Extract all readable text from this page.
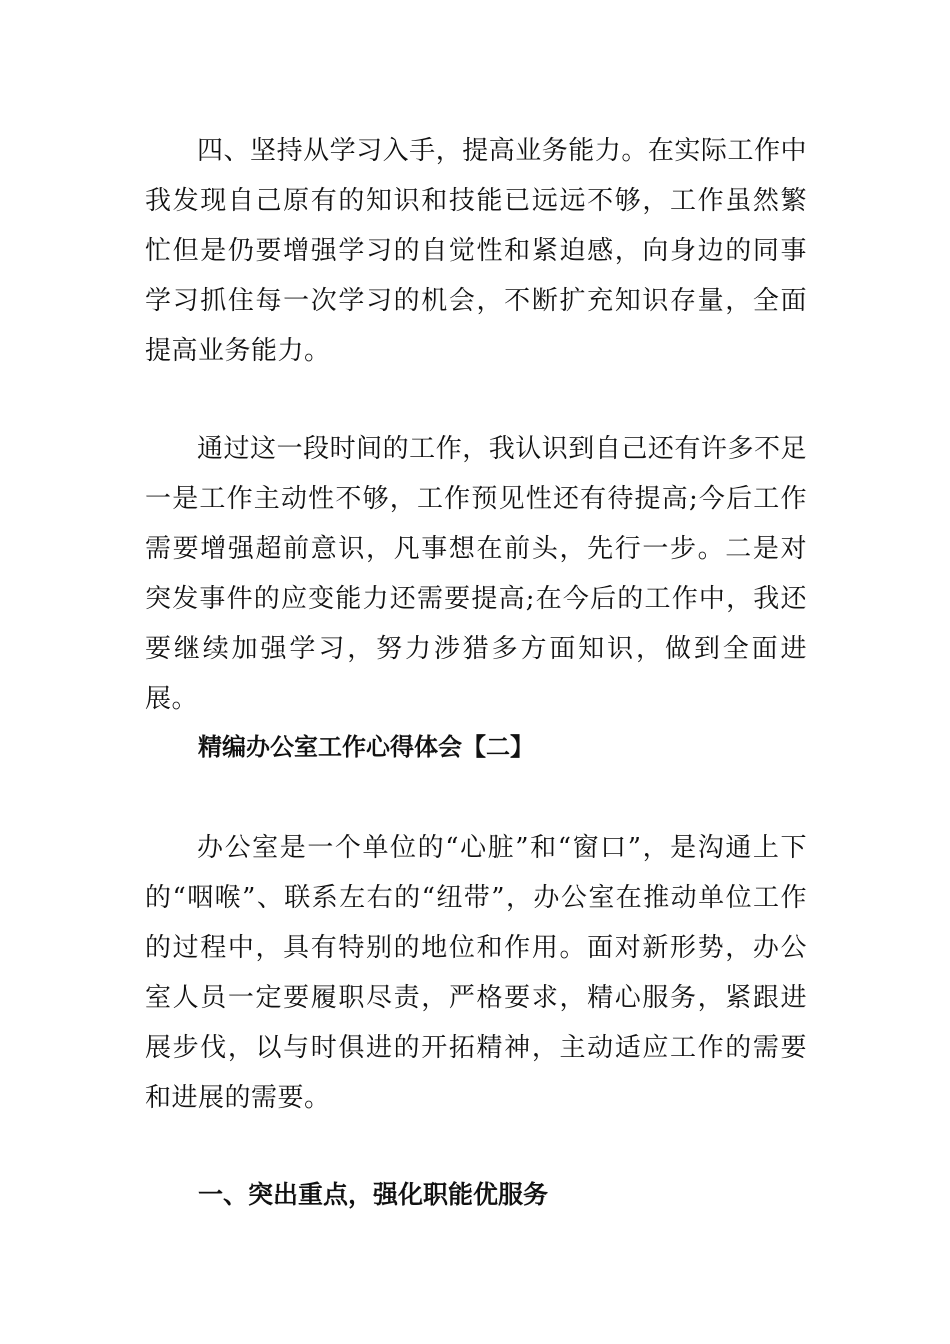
四、坚持从学习入手，提高业务能力。在实际工作中我发现自己原有的知识和技能已远远不够，工作虽然繁忙但是仍要增强学习的自觉性和紧迫感，向身边的同事学习抓住每一次学习的机会，不断扩充知识存量，全面提高业务能力。

通过这一段时间的工作，我认识到自己还有许多不足一是工作主动性不够，工作预见性还有待提高;今后工作需要增强超前意识，凡事想在前头，先行一步。二是对突发事件的应变能力还需要提高;在今后的工作中，我还要继续加强学习，努力涉猎多方面知识，做到全面进展。

精编办公室工作心得体会【二】

办公室是一个单位的“心脏”和“窗口”，是沟通上下的“咽喉”、联系左右的“纽带”，办公室在推动单位工作的过程中，具有特别的地位和作用。面对新形势，办公室人员一定要履职尽责，严格要求，精心服务，紧跟进展步伐，以与时俱进的开拓精神，主动适应工作的需要和进展的需要。

一、突出重点，强化职能优服务
